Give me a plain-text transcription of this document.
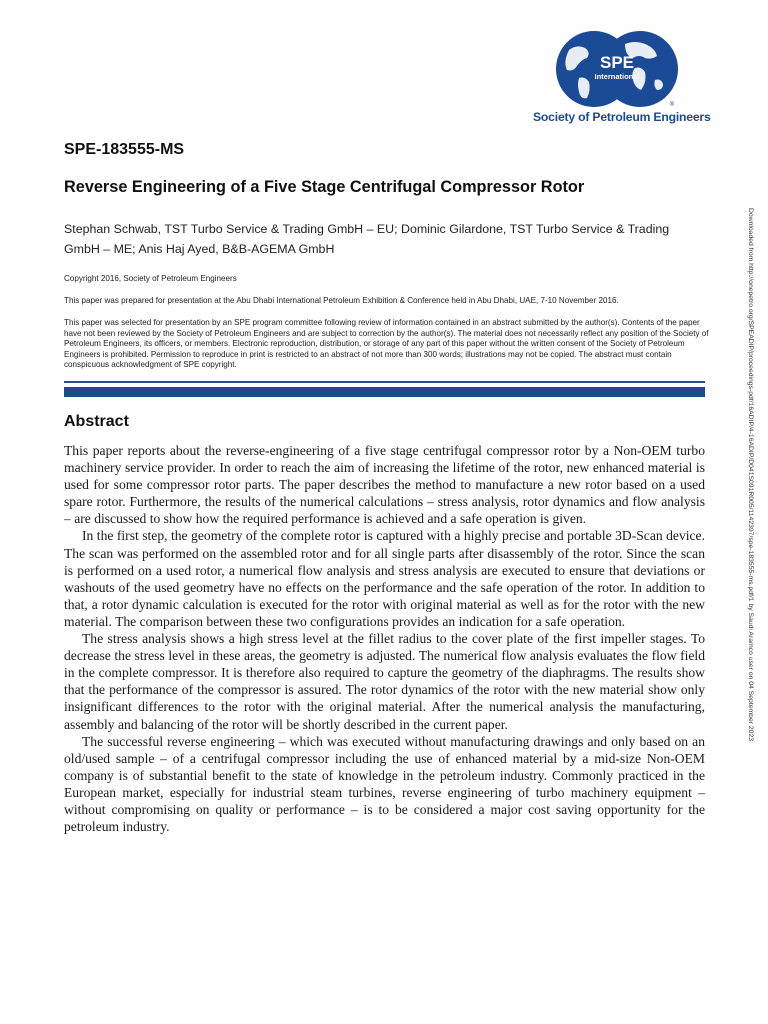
SPE
International
®
Society of Petroleum Engineers
SPE-183555-MS
Reverse Engineering of a Five Stage Centrifugal Compressor Rotor
Stephan Schwab, TST Turbo Service & Trading GmbH – EU; Dominic Gilardone, TST Turbo Service & Trading GmbH – ME; Anis Haj Ayed, B&B-AGEMA GmbH
Copyright 2016, Society of Petroleum Engineers
This paper was prepared for presentation at the Abu Dhabi International Petroleum Exhibition & Conference held in Abu Dhabi, UAE, 7-10 November 2016.
This paper was selected for presentation by an SPE program committee following review of information contained in an abstract submitted by the author(s). Contents of the paper have not been reviewed by the Society of Petroleum Engineers and are subject to correction by the author(s). The material does not necessarily reflect any position of the Society of Petroleum Engineers, its officers, or members. Electronic reproduction, distribution, or storage of any part of this paper without the written consent of the Society of Petroleum Engineers is prohibited. Permission to reproduce in print is restricted to an abstract of not more than 300 words; illustrations may not be copied. The abstract must contain conspicuous acknowledgment of SPE copyright.
Abstract

This paper reports about the reverse-engineering of a five stage centrifugal compressor rotor by a Non-OEM turbo machinery service provider. In order to reach the aim of increasing the lifetime of the rotor, new enhanced material is used for some compressor rotor parts. The paper describes the method to manufacture a new rotor based on a used spare rotor. Furthermore, the results of the numerical calculations – stress analysis, rotor dynamics and flow analysis – are discussed to show how the required performance is achieved and a safe operation is given.

In the first step, the geometry of the complete rotor is captured with a highly precise and portable 3D-Scan device. The scan was performed on the assembled rotor and for all single parts after disassembly of the rotor. Since the scan is performed on a used rotor, a numerical flow analysis and stress analysis are executed to ensure that deviations or washouts of the used geometry have no effects on the performance and the safe operation of the rotor. In addition to that, a rotor dynamic calculation is executed for the rotor with original material as well as for the rotor with the new material. The comparison between these two configurations provides an indication for a safe operation.

The stress analysis shows a high stress level at the fillet radius to the cover plate of the first impeller stages. To decrease the stress level in these areas, the geometry is adjusted. The numerical flow analysis evaluates the flow field in the complete compressor. It is therefore also required to capture the geometry of the diaphragms. The results show that the performance of the compressor is assured. The rotor dynamics of the rotor with the new material show only insignificant differences to the rotor with the original material. After the numerical analysis the manufacturing, assembly and balancing of the rotor will be shortly described in the current paper.

The successful reverse engineering – which was executed without manufacturing drawings and only based on an old/used sample – of a centrifugal compressor including the use of enhanced material by a mid-size Non-OEM company is of substantial benefit to the state of knowledge in the petroleum industry. Commonly practiced in the European market, especially for industrial steam turbines, reverse engineering of turbo machinery equipment – without compromising on quality or performance – is to be considered a major cost saving opportunity for the petroleum industry.

Downloaded from http://onepetro.org/SPEADIP/proceedings-pdf/16ADIP/4-16ADIP/D041S091R005/1142397/spe-183555-ms.pdf/1 by Saudi Aramco user on 04 September 2023
